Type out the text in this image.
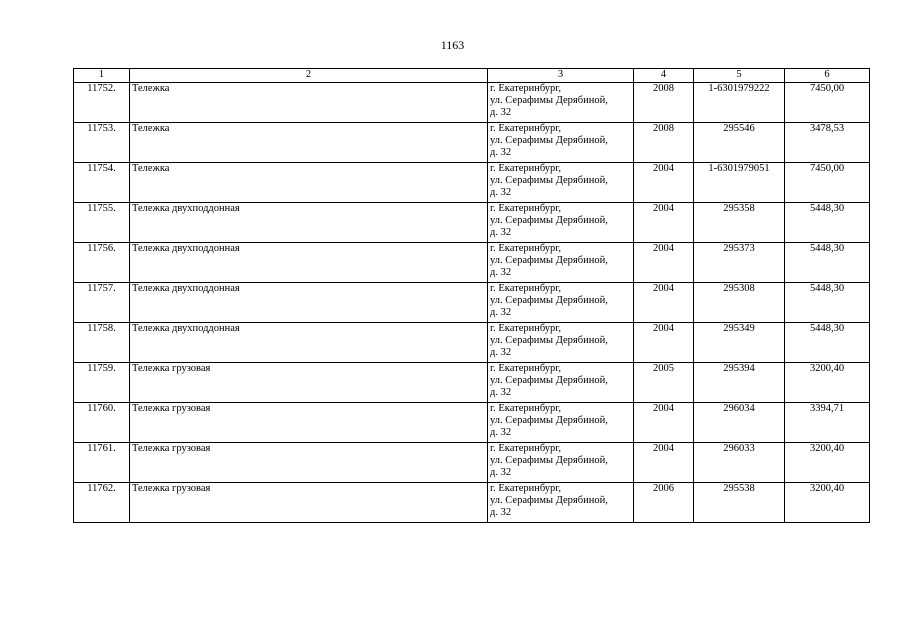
1163
1	2	3	4	5	6
11752.	Тележка	г. Екатеринбург,
ул. Серафимы Дерябиной,
д. 32	2008	1-6301979222	7450,00
11753.	Тележка	г. Екатеринбург,
ул. Серафимы Дерябиной,
д. 32	2008	295546	3478,53
11754.	Тележка	г. Екатеринбург,
ул. Серафимы Дерябиной,
д. 32	2004	1-6301979051	7450,00
11755.	Тележка двухподдонная	г. Екатеринбург,
ул. Серафимы Дерябиной,
д. 32	2004	295358	5448,30
11756.	Тележка двухподдонная	г. Екатеринбург,
ул. Серафимы Дерябиной,
д. 32	2004	295373	5448,30
11757.	Тележка двухподдонная	г. Екатеринбург,
ул. Серафимы Дерябиной,
д. 32	2004	295308	5448,30
11758.	Тележка двухподдонная	г. Екатеринбург,
ул. Серафимы Дерябиной,
д. 32	2004	295349	5448,30
11759.	Тележка грузовая	г. Екатеринбург,
ул. Серафимы Дерябиной,
д. 32	2005	295394	3200,40
11760.	Тележка грузовая	г. Екатеринбург,
ул. Серафимы Дерябиной,
д. 32	2004	296034	3394,71
11761.	Тележка грузовая	г. Екатеринбург,
ул. Серафимы Дерябиной,
д. 32	2004	296033	3200,40
11762.	Тележка грузовая	г. Екатеринбург,
ул. Серафимы Дерябиной,
д. 32	2006	295538	3200,40
